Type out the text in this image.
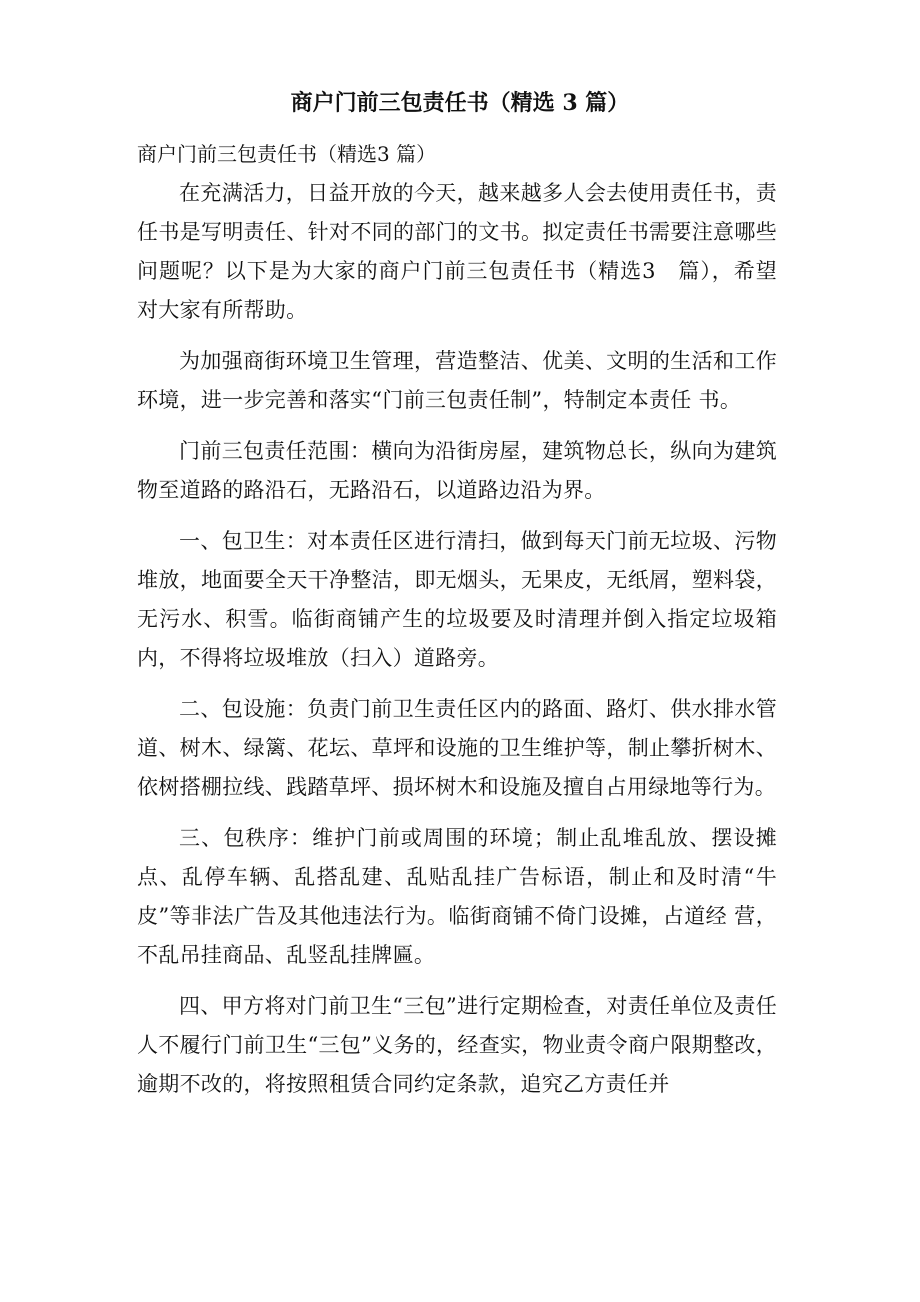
商户门前三包责任书（精选 3 篇）

商户门前三包责任书（精选3 篇）

在充满活力，日益开放的今天，越来越多人会去使用责任书，责任书是写明责任、针对不同的部门的文书。拟定责任书需要注意哪些问题呢？以下是为大家的商户门前三包责任书（精选3　篇），希望对大家有所帮助。

为加强商街环境卫生管理，营造整洁、优美、文明的生活和工作环境，进一步完善和落实“门前三包责任制”，特制定本责任 书。

门前三包责任范围：横向为沿街房屋，建筑物总长，纵向为建筑物至道路的路沿石，无路沿石，以道路边沿为界。

一、包卫生：对本责任区进行清扫，做到每天门前无垃圾、污物堆放，地面要全天干净整洁，即无烟头，无果皮，无纸屑，塑料袋，无污水、积雪。临街商铺产生的垃圾要及时清理并倒入指定垃圾箱内，不得将垃圾堆放（扫入）道路旁。

二、包设施：负责门前卫生责任区内的路面、路灯、供水排水管道、树木、绿篱、花坛、草坪和设施的卫生维护等，制止攀折树木、依树搭棚拉线、践踏草坪、损坏树木和设施及擅自占用绿地等行为。

三、包秩序：维护门前或周围的环境；制止乱堆乱放、摆设摊点、乱停车辆、乱搭乱建、乱贴乱挂广告标语，制止和及时清“牛皮”等非法广告及其他违法行为。临街商铺不倚门设摊，占道经 营，不乱吊挂商品、乱竖乱挂牌匾。

四、甲方将对门前卫生“三包”进行定期检查，对责任单位及责任人不履行门前卫生“三包”义务的，经查实，物业责令商户限期整改，逾期不改的，将按照租赁合同约定条款，追究乙方责任并
